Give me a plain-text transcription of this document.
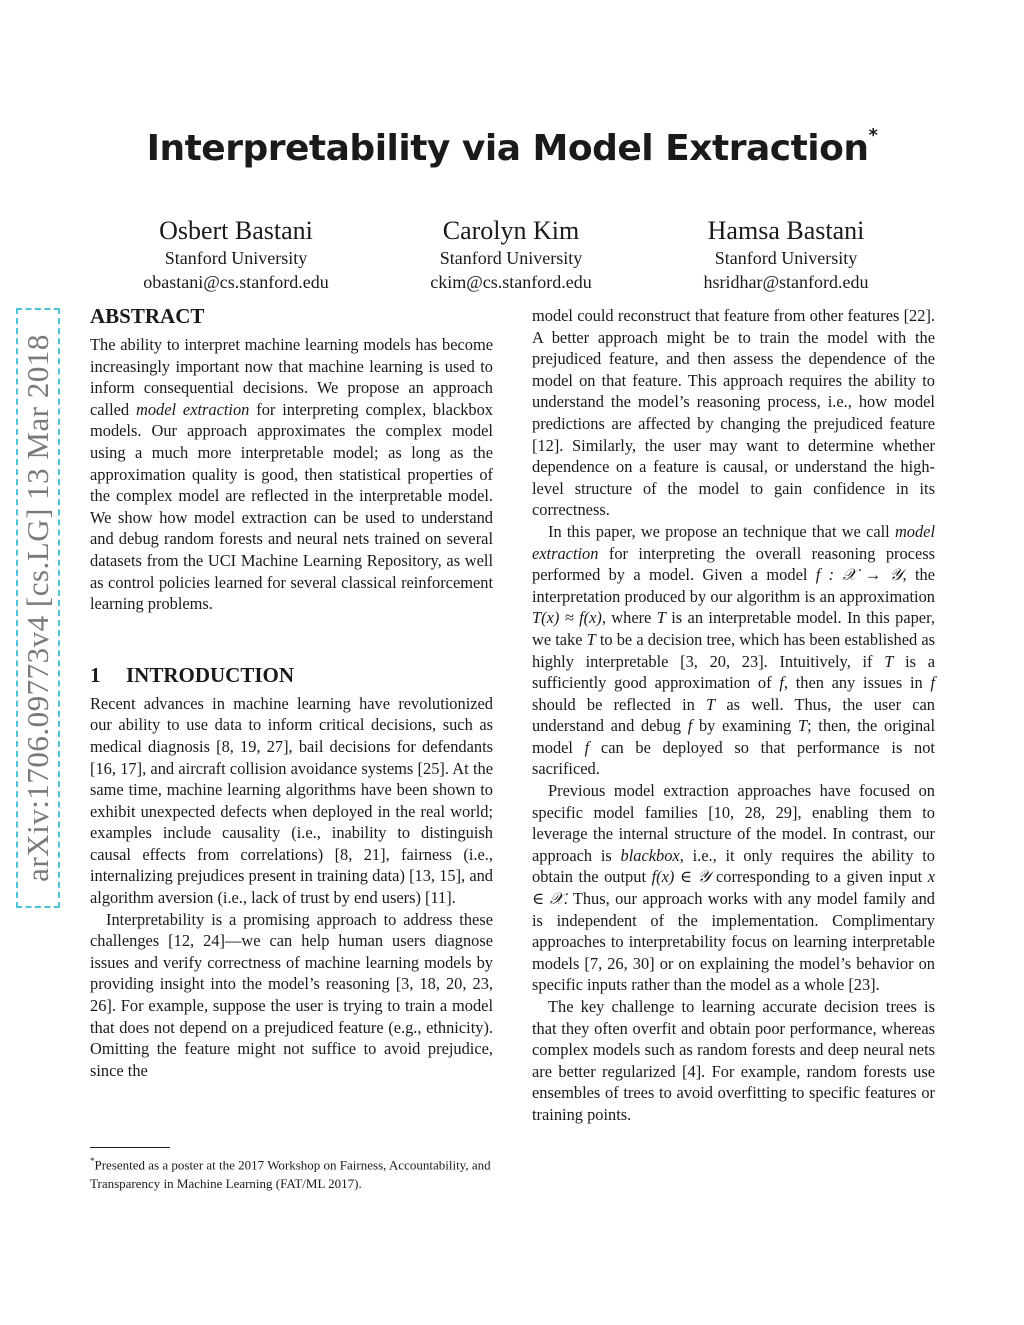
arXiv:1706.09773v4 [cs.LG] 13 Mar 2018
Interpretability via Model Extraction*
Osbert Bastani
Stanford University
obastani@cs.stanford.edu
Carolyn Kim
Stanford University
ckim@cs.stanford.edu
Hamsa Bastani
Stanford University
hsridhar@stanford.edu
ABSTRACT

The ability to interpret machine learning models has become increasingly important now that machine learning is used to inform consequential decisions. We propose an approach called model extraction for interpreting complex, blackbox models. Our approach approximates the complex model using a much more interpretable model; as long as the approximation quality is good, then statistical properties of the complex model are reflected in the interpretable model. We show how model extraction can be used to understand and debug random forests and neural nets trained on several datasets from the UCI Machine Learning Repository, as well as control policies learned for several classical reinforcement learning problems.

1 INTRODUCTION

Recent advances in machine learning have revolutionized our ability to use data to inform critical decisions, such as medical diagnosis [8, 19, 27], bail decisions for defendants [16, 17], and aircraft collision avoidance systems [25]. At the same time, machine learning algorithms have been shown to exhibit unexpected defects when deployed in the real world; examples include causality (i.e., inability to distinguish causal effects from correlations) [8, 21], fairness (i.e., internalizing prejudices present in training data) [13, 15], and algorithm aversion (i.e., lack of trust by end users) [11].

Interpretability is a promising approach to address these challenges [12, 24]—we can help human users diagnose issues and verify correctness of machine learning models by providing insight into the model’s reasoning [3, 18, 20, 23, 26]. For example, suppose the user is trying to train a model that does not depend on a prejudiced feature (e.g., ethnicity). Omitting the feature might not suffice to avoid prejudice, since the

model could reconstruct that feature from other features [22]. A better approach might be to train the model with the prejudiced feature, and then assess the dependence of the model on that feature. This approach requires the ability to understand the model’s reasoning process, i.e., how model predictions are affected by changing the prejudiced feature [12]. Similarly, the user may want to determine whether dependence on a feature is causal, or understand the high-level structure of the model to gain confidence in its correctness.

In this paper, we propose an technique that we call model extraction for interpreting the overall reasoning process performed by a model. Given a model f : 𝒳 → 𝒴, the interpretation produced by our algorithm is an approximation T(x) ≈ f(x), where T is an interpretable model. In this paper, we take T to be a decision tree, which has been established as highly interpretable [3, 20, 23]. Intuitively, if T is a sufficiently good approximation of f, then any issues in f should be reflected in T as well. Thus, the user can understand and debug f by examining T; then, the original model f can be deployed so that performance is not sacrificed.

Previous model extraction approaches have focused on specific model families [10, 28, 29], enabling them to leverage the internal structure of the model. In contrast, our approach is blackbox, i.e., it only requires the ability to obtain the output f(x) ∈ 𝒴 corresponding to a given input x ∈ 𝒳. Thus, our approach works with any model family and is independent of the implementation. Complimentary approaches to interpretability focus on learning interpretable models [7, 26, 30] or on explaining the model’s behavior on specific inputs rather than the model as a whole [23].

The key challenge to learning accurate decision trees is that they often overfit and obtain poor performance, whereas complex models such as random forests and deep neural nets are better regularized [4]. For example, random forests use ensembles of trees to avoid overfitting to specific features or training points.

*Presented as a poster at the 2017 Workshop on Fairness, Accountability, and Transparency in Machine Learning (FAT/ML 2017).
